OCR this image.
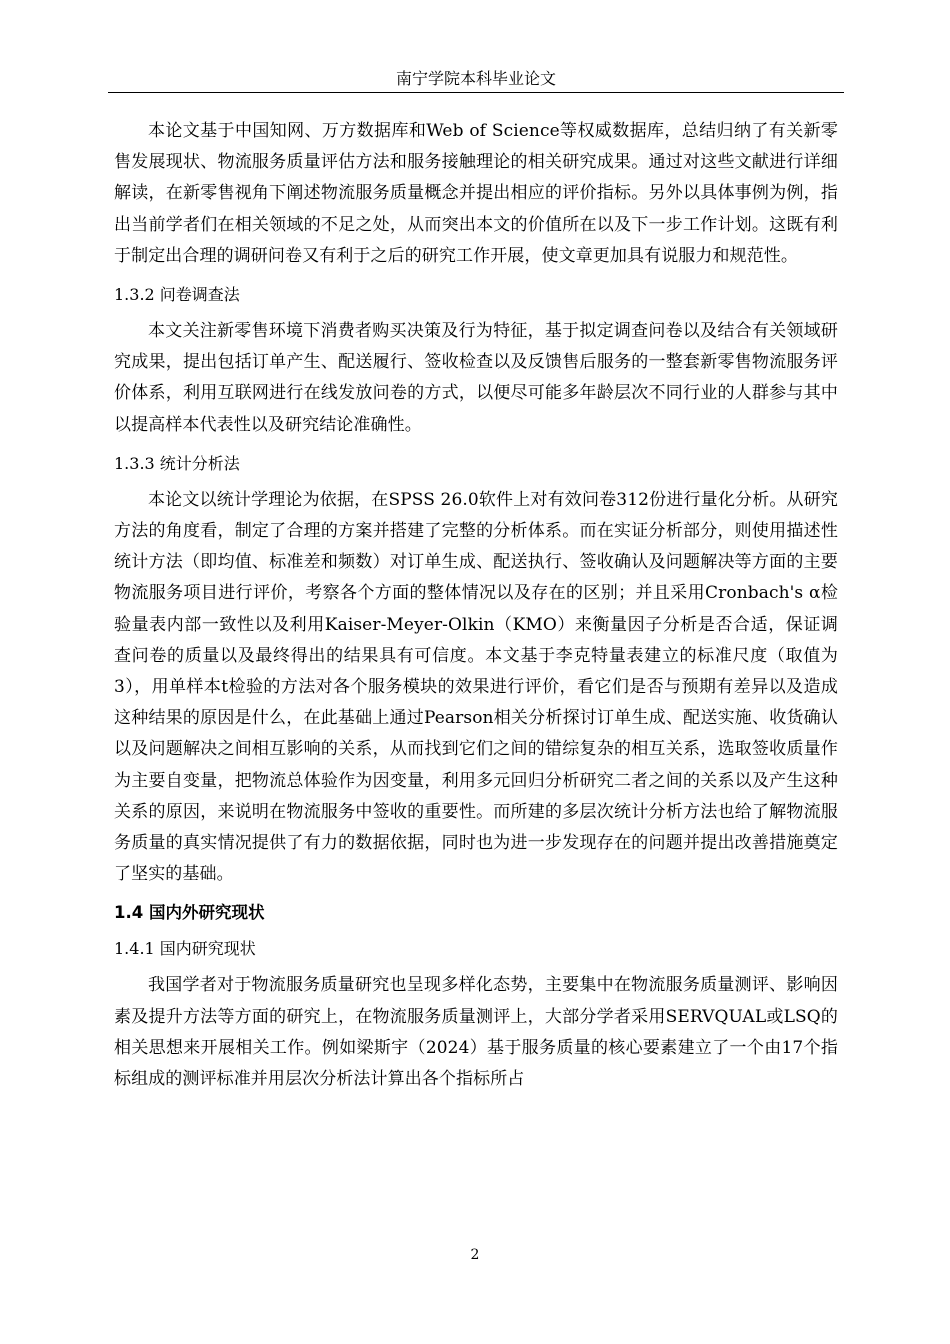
南宁学院本科毕业论文

本论文基于中国知网、万方数据库和Web of Science等权威数据库，总结归纳了有关新零售发展现状、物流服务质量评估方法和服务接触理论的相关研究成果。通过对这些文献进行详细解读，在新零售视角下阐述物流服务质量概念并提出相应的评价指标。另外以具体事例为例，指出当前学者们在相关领域的不足之处，从而突出本文的价值所在以及下一步工作计划。这既有利于制定出合理的调研问卷又有利于之后的研究工作开展，使文章更加具有说服力和规范性。

1.3.2 问卷调查法

本文关注新零售环境下消费者购买决策及行为特征，基于拟定调查问卷以及结合有关领域研究成果，提出包括订单产生、配送履行、签收检查以及反馈售后服务的一整套新零售物流服务评价体系，利用互联网进行在线发放问卷的方式，以便尽可能多年龄层次不同行业的人群参与其中以提高样本代表性以及研究结论准确性。

1.3.3 统计分析法

本论文以统计学理论为依据，在SPSS 26.0软件上对有效问卷312份进行量化分析。从研究方法的角度看，制定了合理的方案并搭建了完整的分析体系。而在实证分析部分，则使用描述性统计方法（即均值、标准差和频数）对订单生成、配送执行、签收确认及问题解决等方面的主要物流服务项目进行评价，考察各个方面的整体情况以及存在的区别；并且采用Cronbach's α检验量表内部一致性以及利用Kaiser-Meyer-Olkin（KMO）来衡量因子分析是否合适，保证调查问卷的质量以及最终得出的结果具有可信度。本文基于李克特量表建立的标准尺度（取值为3），用单样本t检验的方法对各个服务模块的效果进行评价，看它们是否与预期有差异以及造成这种结果的原因是什么，在此基础上通过Pearson相关分析探讨订单生成、配送实施、收货确认以及问题解决之间相互影响的关系，从而找到它们之间的错综复杂的相互关系，选取签收质量作为主要自变量，把物流总体验作为因变量，利用多元回归分析研究二者之间的关系以及产生这种关系的原因，来说明在物流服务中签收的重要性。而所建的多层次统计分析方法也给了解物流服务质量的真实情况提供了有力的数据依据，同时也为进一步发现存在的问题并提出改善措施奠定了坚实的基础。

1.4 国内外研究现状
1.4.1 国内研究现状

我国学者对于物流服务质量研究也呈现多样化态势，主要集中在物流服务质量测评、影响因素及提升方法等方面的研究上，在物流服务质量测评上，大部分学者采用SERVQUAL或LSQ的相关思想来开展相关工作。例如梁斯宇（2024）基于服务质量的核心要素建立了一个由17个指标组成的测评标准并用层次分析法计算出各个指标所占

2
